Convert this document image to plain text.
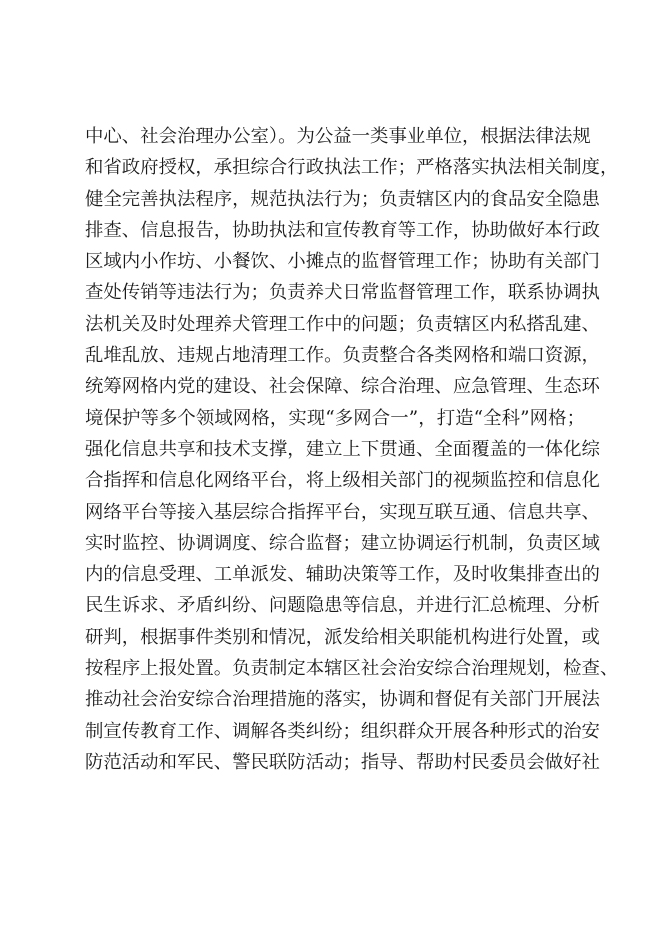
中心、社会治理办公室）。为公益一类事业单位，根据法律法规
和省政府授权，承担综合行政执法工作；严格落实执法相关制度，
健全完善执法程序，规范执法行为；负责辖区内的食品安全隐患
排查、信息报告，协助执法和宣传教育等工作，协助做好本行政
区域内小作坊、小餐饮、小摊点的监督管理工作；协助有关部门
查处传销等违法行为；负责养犬日常监督管理工作，联系协调执
法机关及时处理养犬管理工作中的问题；负责辖区内私搭乱建、
乱堆乱放、违规占地清理工作。负责整合各类网格和端口资源，
统筹网格内党的建设、社会保障、综合治理、应急管理、生态环
境保护等多个领域网格，实现“多网合一”，打造“全科”网格；
强化信息共享和技术支撑，建立上下贯通、全面覆盖的一体化综
合指挥和信息化网络平台，将上级相关部门的视频监控和信息化
网络平台等接入基层综合指挥平台，实现互联互通、信息共享、
实时监控、协调调度、综合监督；建立协调运行机制，负责区域
内的信息受理、工单派发、辅助决策等工作，及时收集排查出的
民生诉求、矛盾纠纷、问题隐患等信息，并进行汇总梳理、分析
研判，根据事件类别和情况，派发给相关职能机构进行处置，或
按程序上报处置。负责制定本辖区社会治安综合治理规划，检查、
推动社会治安综合治理措施的落实，协调和督促有关部门开展法
制宣传教育工作、调解各类纠纷；组织群众开展各种形式的治安
防范活动和军民、警民联防活动；指导、帮助村民委员会做好社
